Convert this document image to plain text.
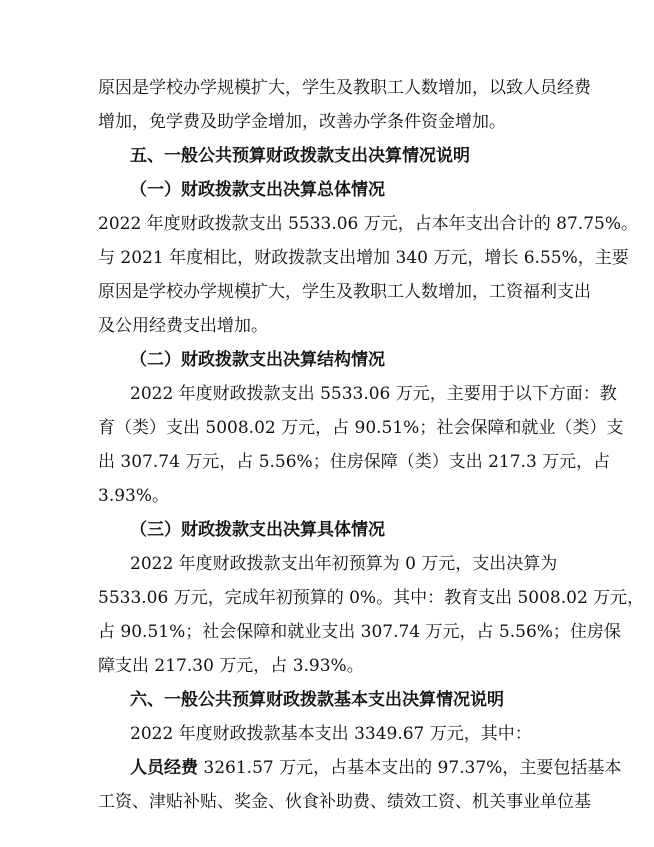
原因是学校办学规模扩大，学生及教职工人数增加，以致人员经费

增加，免学费及助学金增加，改善办学条件资金增加。

五、一般公共预算财政拨款支出决算情况说明

（一）财政拨款支出决算总体情况

2022 年度财政拨款支出 5533.06 万元，占本年支出合计的 87.75%。

与 2021 年度相比，财政拨款支出增加 340 万元，增长 6.55%，主要

原因是学校办学规模扩大，学生及教职工人数增加，工资福利支出

及公用经费支出增加。

（二）财政拨款支出决算结构情况

2022 年度财政拨款支出 5533.06 万元，主要用于以下方面：教

育（类）支出 5008.02 万元，占 90.51%；社会保障和就业（类）支

出 307.74 万元，占 5.56%；住房保障（类）支出 217.3 万元，占

3.93%。

（三）财政拨款支出决算具体情况

2022 年度财政拨款支出年初预算为 0 万元，支出决算为

5533.06 万元，完成年初预算的 0%。其中：教育支出 5008.02 万元，

占 90.51%；社会保障和就业支出 307.74 万元，占 5.56%；住房保

障支出 217.30 万元，占 3.93%。

六、一般公共预算财政拨款基本支出决算情况说明

2022 年度财政拨款基本支出 3349.67 万元，其中：

人员经费 3261.57 万元，占基本支出的 97.37%，主要包括基本

工资、津贴补贴、奖金、伙食补助费、绩效工资、机关事业单位基
